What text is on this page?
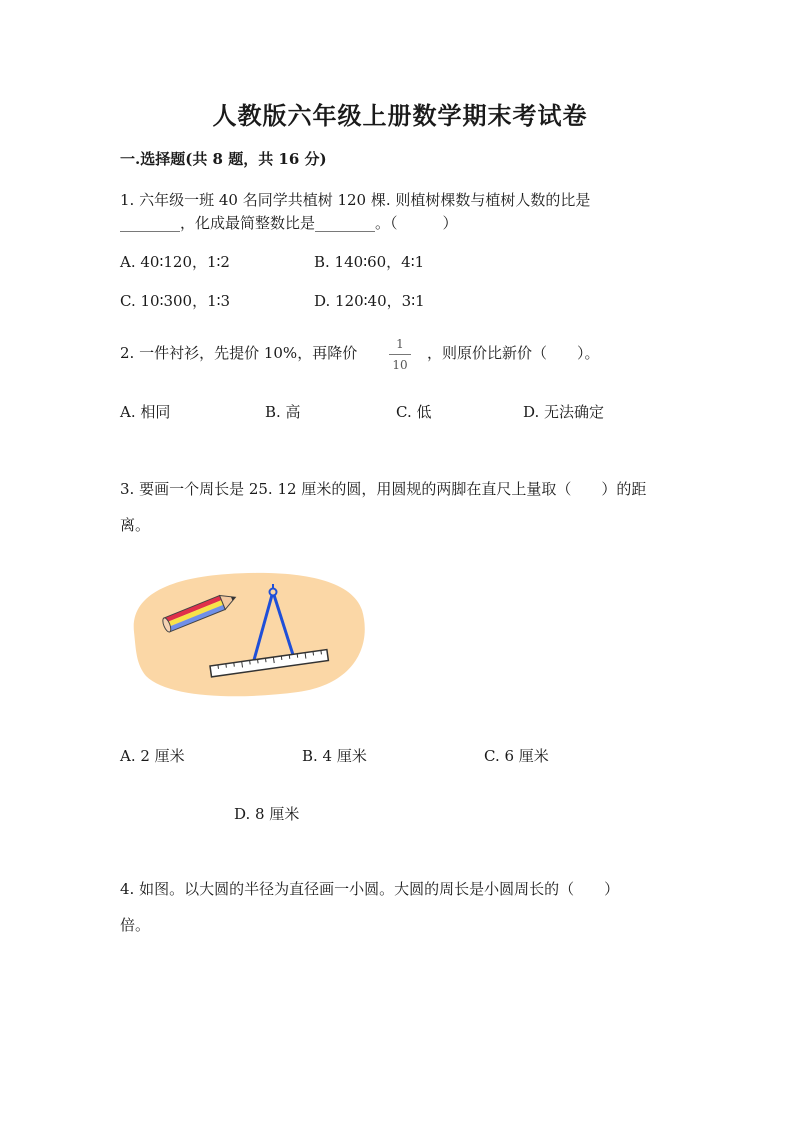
人教版六年级上册数学期末考试卷
一.选择题(共 8 题，共 16 分)
1. 六年级一班 40 名同学共植树 120 棵. 则植树棵数与植树人数的比是
________，化成最简整数比是________。（　　　）
A. 40∶120，1∶2	B. 140∶60，4∶1
C. 10∶300，1∶3	D. 120∶40，3∶1
2. 一件衬衫，先提价 10%，再降价	1
10
，则原价比新价（　　）。
A. 相同	B. 高	C. 低	D. 无法确定
3. 要画一个周长是 25. 12 厘米的圆，用圆规的两脚在直尺上量取（　　）的距
离。
A. 2 厘米	B. 4 厘米	C. 6 厘米
D. 8 厘米
4. 如图。以大圆的半径为直径画一小圆。大圆的周长是小圆周长的（　　）
倍。
